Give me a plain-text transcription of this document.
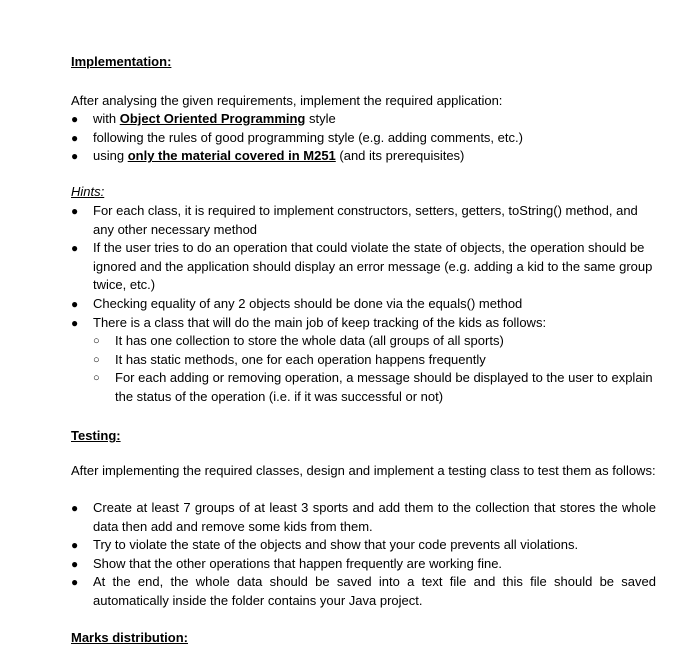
Implementation:
After analysing the given requirements, implement the required application:
● with Object Oriented Programming style
● following the rules of good programming style (e.g. adding comments, etc.)
● using only the material covered in M251 (and its prerequisites)
Hints:
● For each class, it is required to implement constructors, setters, getters, toString() method, and any other necessary method
● If the user tries to do an operation that could violate the state of objects, the operation should be ignored and the application should display an error message (e.g. adding a kid to the same group twice, etc.)
● Checking equality of any 2 objects should be done via the equals() method
● There is a class that will do the main job of keep tracking of the kids as follows:
○ It has one collection to store the whole data (all groups of all sports)
○ It has static methods, one for each operation happens frequently
○ For each adding or removing operation, a message should be displayed to the user to explain the status of the operation (i.e. if it was successful or not)
Testing:
After implementing the required classes, design and implement a testing class to test them as follows:
● Create at least 7 groups of at least 3 sports and add them to the collection that stores the whole data then add and remove some kids from them.
● Try to violate the state of the objects and show that your code prevents all violations.
● Show that the other operations that happen frequently are working fine.
● At the end, the whole data should be saved into a text file and this file should be saved automatically inside the folder contains your Java project.
Marks distribution:
